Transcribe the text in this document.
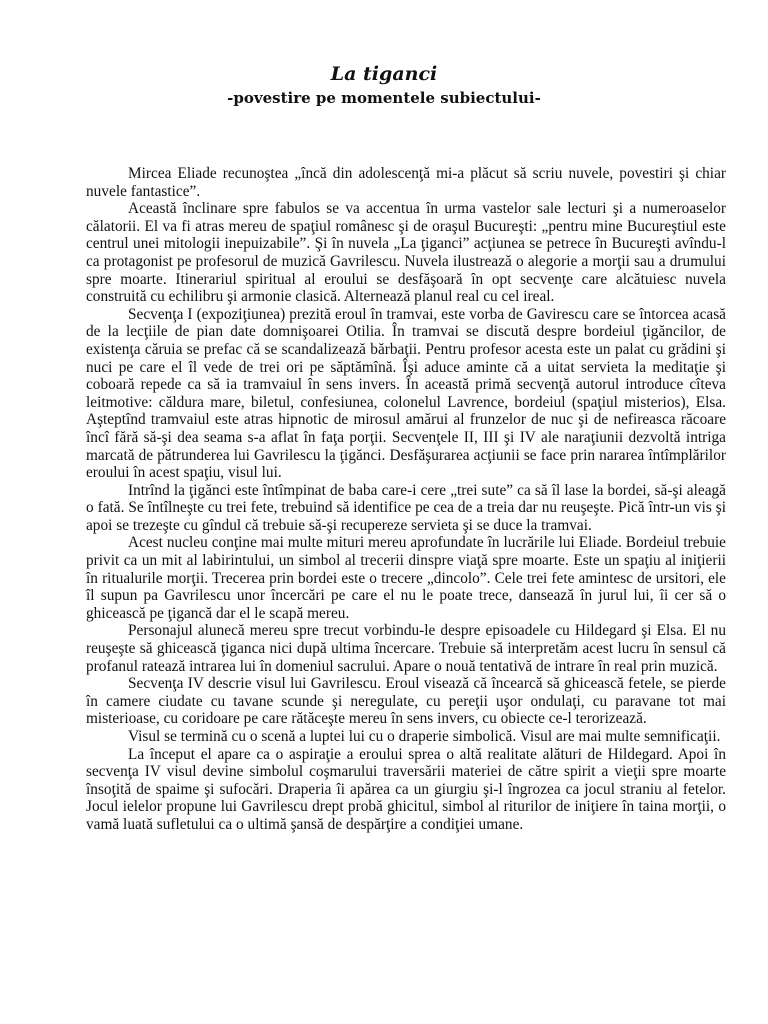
La tiganci
-povestire pe momentele subiectului-

Mircea Eliade recunoştea „încă din adolescenţă mi-a plăcut să scriu nuvele, povestiri şi chiar nuvele fantastice”.

Această înclinare spre fabulos se va accentua în urma vastelor sale lecturi şi a numeroaselor călatorii. El va fi atras mereu de spaţiul românesc şi de oraşul Bucureşti: „pentru mine Bucureştiul este centrul unei mitologii inepuizabile”. Şi în nuvela „La ţiganci” acţiunea se petrece în Bucureşti avîndu-l ca protagonist pe profesorul de muzică Gavrilescu. Nuvela ilustrează o alegorie a morţii sau a drumului spre moarte. Itinerariul spiritual al eroului se desfăşoară în opt secvenţe care alcătuiesc nuvela construită cu echilibru şi armonie clasică. Alternează planul real cu cel ireal.

Secvenţa I (expoziţiunea) prezită eroul în tramvai, este vorba de Gavirescu care se întorcea acasă de la lecţiile de pian date domnişoarei Otilia. În tramvai se discută despre bordeiul ţigăncilor, de existenţa căruia se prefac că se scandalizează bărbaţii. Pentru profesor acesta este un palat cu grădini şi nuci pe care el îl vede de trei ori pe săptămînă. Îşi aduce aminte că a uitat servieta la meditaţie şi coboară repede ca să ia tramvaiul în sens invers. În această primă secvenţă autorul introduce cîteva leitmotive: căldura mare, biletul, confesiunea, colonelul Lavrence, bordeiul (spaţiul misterios), Elsa. Aşteptînd tramvaiul este atras hipnotic de mirosul amărui al frunzelor de nuc şi de nefireasca răcoare încî fără să-şi dea seama s-a aflat în faţa porţii. Secvenţele II, III şi IV ale naraţiunii dezvoltă intriga marcată de pătrunderea lui Gavrilescu la ţigănci. Desfăşurarea acţiunii se face prin nararea întîmplărilor eroului în acest spaţiu, visul lui.

Intrînd la ţigănci este întîmpinat de baba care-i cere „trei sute” ca să îl lase la bordei, să-şi aleagă o fată. Se întîlneşte cu trei fete, trebuind să identifice pe cea de a treia dar nu reuşeşte. Pică într-un vis şi apoi se trezeşte cu gîndul că trebuie să-şi recupereze servieta şi se duce la tramvai.

Acest nucleu conţine mai multe mituri mereu aprofundate în lucrările lui Eliade. Bordeiul trebuie privit ca un mit al labirintului, un simbol al trecerii dinspre viaţă spre moarte. Este un spaţiu al iniţierii în ritualurile morţii. Trecerea prin bordei este o trecere „dincolo”. Cele trei fete amintesc de ursitori, ele îl supun pa Gavrilescu unor încercări pe care el nu le poate trece, dansează în jurul lui, îi cer să o ghicească pe ţigancă dar el le scapă mereu.

Personajul alunecă mereu spre trecut vorbindu-le despre episoadele cu Hildegard şi Elsa. El nu reuşeşte să ghicească ţiganca nici după ultima încercare. Trebuie să interpretăm acest lucru în sensul că profanul ratează intrarea lui în domeniul sacrului. Apare o nouă tentativă de intrare în real prin muzică.

Secvenţa IV descrie visul lui Gavrilescu. Eroul visează că încearcă să ghicească fetele, se pierde în camere ciudate cu tavane scunde şi neregulate, cu pereţii uşor ondulaţi, cu paravane tot mai misterioase, cu coridoare pe care rătăceşte mereu în sens invers, cu obiecte ce-l terorizează.

Visul se termină cu o scenă a luptei lui cu o draperie simbolică. Visul are mai multe semnificaţii.

La început el apare ca o aspiraţie a eroului sprea o altă realitate alături de Hildegard. Apoi în secvenţa IV visul devine simbolul coşmarului traversării materiei de către spirit a vieţii spre moarte însoţită de spaime şi sufocări. Draperia îi apărea ca un giurgiu şi-l îngrozea ca jocul straniu al fetelor. Jocul ielelor propune lui Gavrilescu drept probă ghicitul, simbol al riturilor de iniţiere în taina morţii, o vamă luată sufletului ca o ultimă şansă de despărţire a condiţiei umane.
